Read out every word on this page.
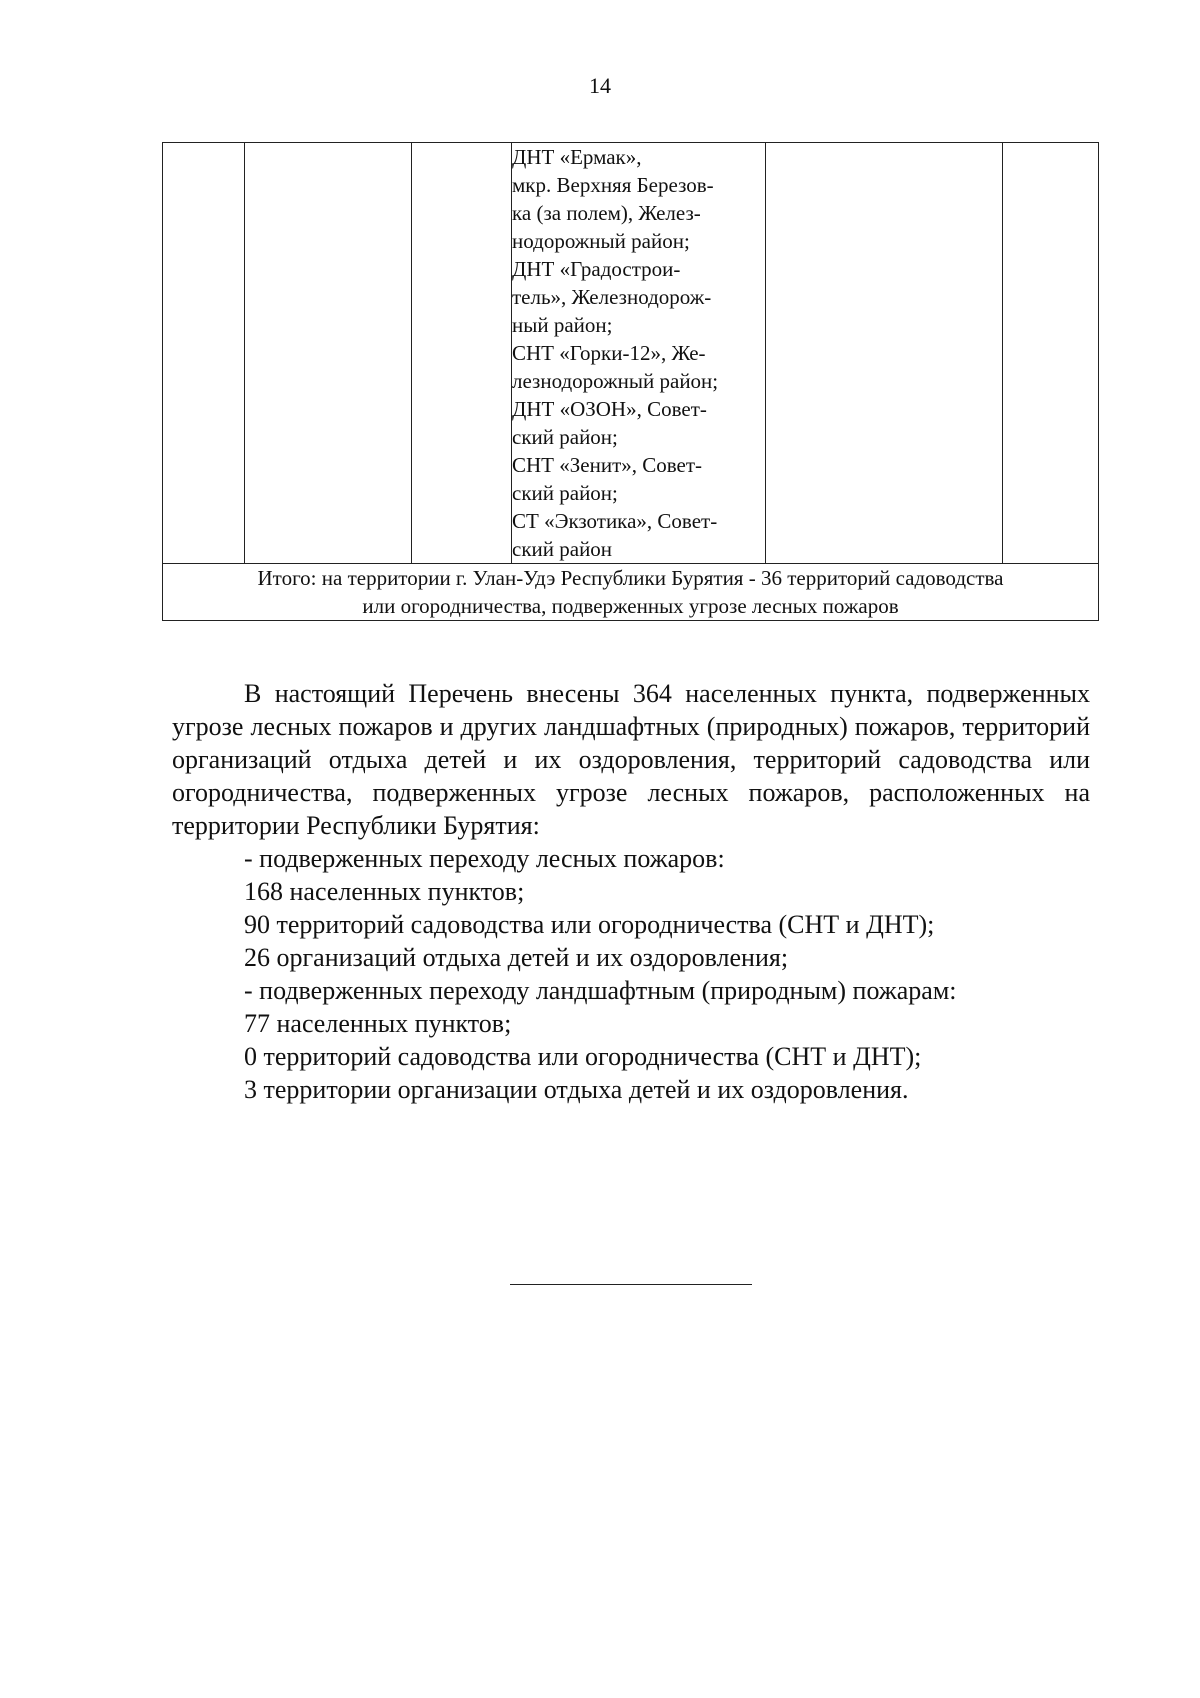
14

ДНТ «Ермак»,
мкр. Верхняя Березов-
ка (за полем), Желез-
нодорожный район;
ДНТ «Градострои-
тель», Железнодорож-
ный район;
СНТ «Горки-12», Же-
лезнодорожный район;
ДНТ «ОЗОН», Совет-
ский район;
СНТ «Зенит», Совет-
ский район;
СТ «Экзотика», Совет-
ский район

Итого: на территории г. Улан-Удэ Республики Бурятия - 36 территорий садоводства
или огородничества, подверженных угрозе лесных пожаров

В настоящий Перечень внесены 364 населенных пункта, подверженных угрозе лесных пожаров и других ландшафтных (природных) пожаров, территорий организаций отдыха детей и их оздоровления, территорий садоводства или огородничества, подверженных угрозе лесных пожаров, расположенных на территории Республики Бурятия:

- подверженных переходу лесных пожаров:

168 населенных пунктов;

90 территорий садоводства или огородничества (СНТ и ДНТ);

26 организаций отдыха детей и их оздоровления;

- подверженных переходу ландшафтным (природным) пожарам:

77 населенных пунктов;

0 территорий садоводства или огородничества (СНТ и ДНТ);

3 территории организации отдыха детей и их оздоровления.
